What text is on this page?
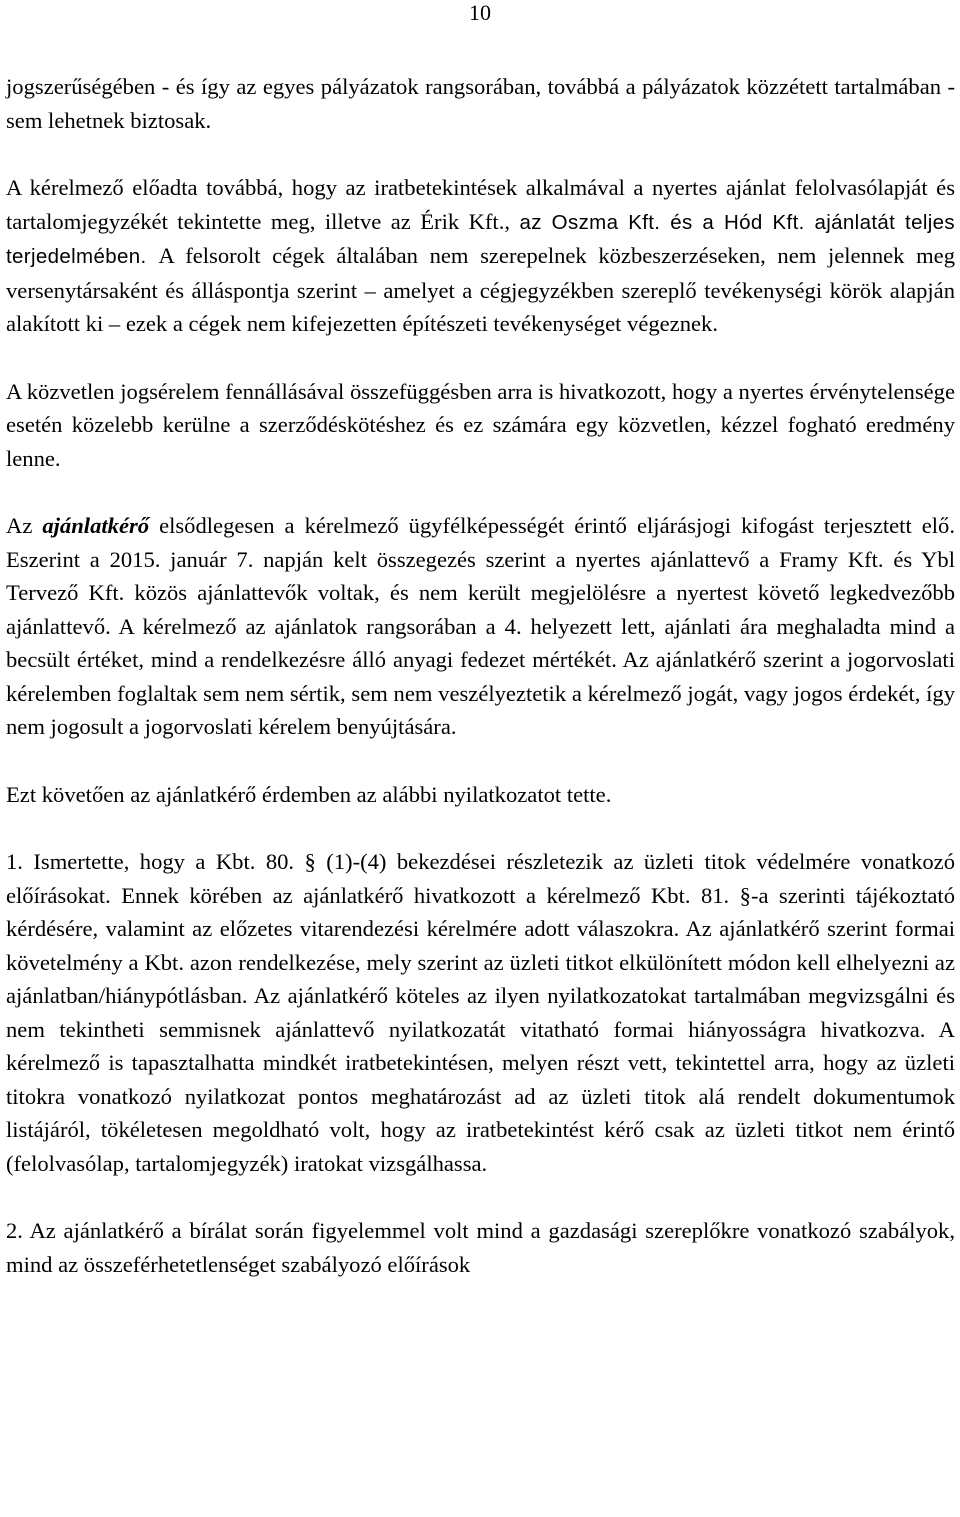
10

jogszerűségében - és így az egyes pályázatok rangsorában, továbbá a pályázatok közzétett tartalmában - sem lehetnek biztosak.

A kérelmező előadta továbbá, hogy az iratbetekintések alkalmával a nyertes ajánlat felolvasólapját és tartalomjegyzékét tekintette meg, illetve az Érik Kft., az Oszma Kft. és a Hód Kft. ajánlatát teljes terjedelmében. A felsorolt cégek általában nem szerepelnek közbeszerzéseken, nem jelennek meg versenytársaként és álláspontja szerint – amelyet a cégjegyzékben szereplő tevékenységi körök alapján alakított ki – ezek a cégek nem kifejezetten építészeti tevékenységet végeznek.

A közvetlen jogsérelem fennállásával összefüggésben arra is hivatkozott, hogy a nyertes érvénytelensége esetén közelebb kerülne a szerződéskötéshez és ez számára egy közvetlen, kézzel fogható eredmény lenne.

Az ajánlatkérő elsődlegesen a kérelmező ügyfélképességét érintő eljárásjogi kifogást terjesztett elő. Eszerint a 2015. január 7. napján kelt összegezés szerint a nyertes ajánlattevő a Framy Kft. és Ybl Tervező Kft. közös ajánlattevők voltak, és nem került megjelölésre a nyertest követő legkedvezőbb ajánlattevő. A kérelmező az ajánlatok rangsorában a 4. helyezett lett, ajánlati ára meghaladta mind a becsült értéket, mind a rendelkezésre álló anyagi fedezet mértékét. Az ajánlatkérő szerint a jogorvoslati kérelemben foglaltak sem nem sértik, sem nem veszélyeztetik a kérelmező jogát, vagy jogos érdekét, így nem jogosult a jogorvoslati kérelem benyújtására.

Ezt követően az ajánlatkérő érdemben az alábbi nyilatkozatot tette.

1. Ismertette, hogy a Kbt. 80. § (1)-(4) bekezdései részletezik az üzleti titok védelmére vonatkozó előírásokat. Ennek körében az ajánlatkérő hivatkozott a kérelmező Kbt. 81. §-a szerinti tájékoztató kérdésére, valamint az előzetes vitarendezési kérelmére adott válaszokra. Az ajánlatkérő szerint formai követelmény a Kbt. azon rendelkezése, mely szerint az üzleti titkot elkülönített módon kell elhelyezni az ajánlatban/hiánypótlásban. Az ajánlatkérő köteles az ilyen nyilatkozatokat tartalmában megvizsgálni és nem tekintheti semmisnek ajánlattevő nyilatkozatát vitatható formai hiányosságra hivatkozva. A kérelmező is tapasztalhatta mindkét iratbetekintésen, melyen részt vett, tekintettel arra, hogy az üzleti titokra vonatkozó nyilatkozat pontos meghatározást ad az üzleti titok alá rendelt dokumentumok listájáról, tökéletesen megoldható volt, hogy az iratbetekintést kérő csak az üzleti titkot nem érintő (felolvasólap, tartalomjegyzék) iratokat vizsgálhassa.

2. Az ajánlatkérő a bírálat során figyelemmel volt mind a gazdasági szereplőkre vonatkozó szabályok, mind az összeférhetetlenséget szabályozó előírások
